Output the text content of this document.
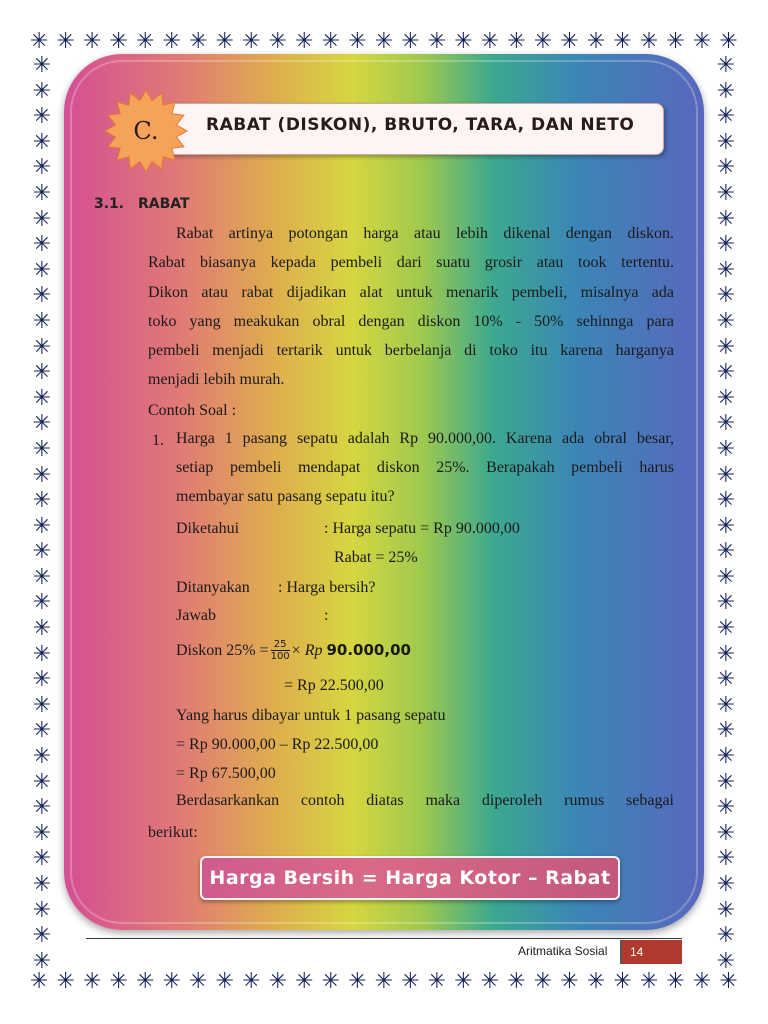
✳ ✳ ✳ ✳ ✳ ✳ ✳ ✳ ✳ ✳ ✳ ✳ ✳ ✳ ✳ ✳ ✳ ✳ ✳ ✳ ✳ ✳ ✳ ✳ ✳ ✳ ✳
✳ ✳ ✳ ✳ ✳ ✳ ✳ ✳ ✳ ✳ ✳ ✳ ✳ ✳ ✳ ✳ ✳ ✳ ✳ ✳ ✳ ✳ ✳ ✳ ✳ ✳ ✳
✳
✳
✳
✳
✳
✳
✳
✳
✳
✳
✳
✳
✳
✳
✳
✳
✳
✳
✳
✳
✳
✳
✳
✳
✳
✳
✳
✳
✳
✳
✳
✳
✳
✳
✳
✳
✳
✳
✳
✳
✳
✳
✳
✳
✳
✳
✳
✳
✳
✳
✳
✳
✳
✳
✳
✳
✳
✳
✳
✳
✳
✳
✳
✳
✳
✳
✳
✳
✳
✳
✳
✳
C.	RABAT (DISKON), BRUTO, TARA, DAN NETO
3.1. RABAT
Rabat artinya potongan harga atau lebih dikenal dengan diskon.
Rabat biasanya kepada pembeli dari suatu grosir atau took tertentu.
Dikon atau rabat dijadikan alat untuk menarik pembeli, misalnya ada
toko yang meakukan obral dengan diskon 10% - 50% sehinnga para
pembeli menjadi tertarik untuk berbelanja di toko itu karena harganya
menjadi lebih murah.
Contoh Soal :
1. Harga 1 pasang sepatu adalah Rp 90.000,00. Karena ada obral besar,
setiap pembeli mendapat diskon 25%. Berapakah pembeli harus
membayar satu pasang sepatu itu?
Diketahui	: Harga sepatu = Rp 90.000,00
Rabat = 25%
Ditanyakan : Harga bersih?
Jawab	:
Diskon $25\% = \frac{25}{100}$ ×
Rp
90.000,00
= Rp 22.500,00
Yang harus dibayar untuk 1 pasang sepatu
= Rp 90.000,00 – Rp 22.500,00
= Rp 67.500,00
Berdasarkankan contoh diatas maka diperoleh rumus sebagai
berikut:
Harga Bersih = Harga Kotor – Rabat
Aritmatika Sosial	14
